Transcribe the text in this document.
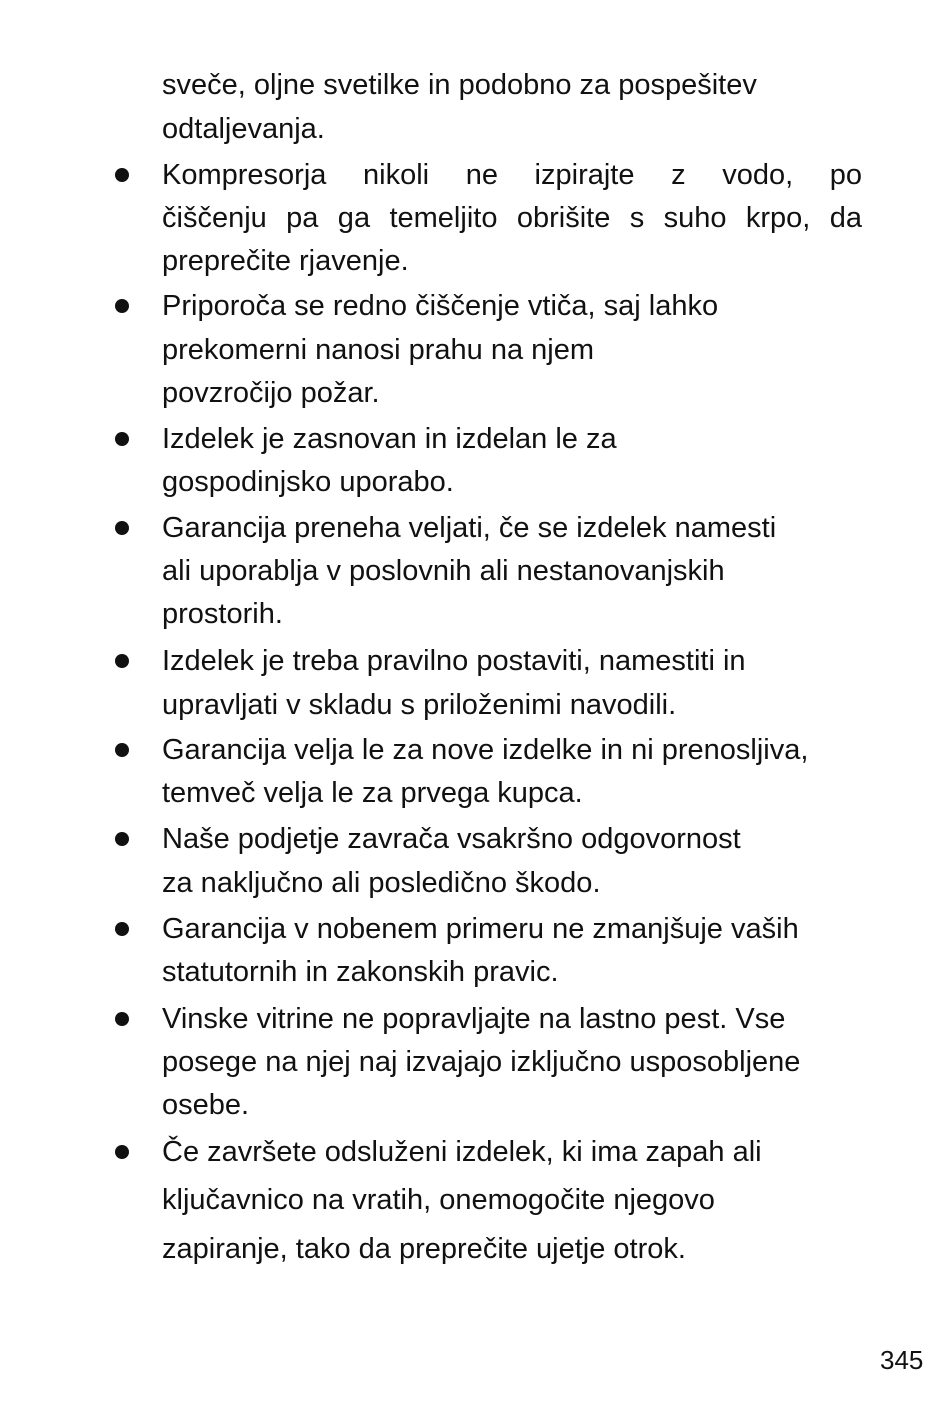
sveče, oljne svetilke in podobno za pospešitev
odtaljevanja.
Kompresorja nikoli ne izpirajte z vodo, po
čiščenju pa ga temeljito obrišite s suho krpo, da
preprečite rjavenje.
Priporoča se redno čiščenje vtiča, saj lahko
prekomerni nanosi prahu na njem
povzročijo požar.
Izdelek je zasnovan in izdelan le za
gospodinjsko uporabo.
Garancija preneha veljati, če se izdelek namesti
ali uporablja v poslovnih ali nestanovanjskih
prostorih.
Izdelek je treba pravilno postaviti, namestiti in
upravljati v skladu s priloženimi navodili.
Garancija velja le za nove izdelke in ni prenosljiva,
temveč velja le za prvega kupca.
Naše podjetje zavrača vsakršno odgovornost
za naključno ali posledično škodo.
Garancija v nobenem primeru ne zmanjšuje vaših
statutornih in zakonskih pravic.
Vinske vitrine ne popravljajte na lastno pest. Vse
posege na njej naj izvajajo izključno usposobljene
osebe.
Če završete odsluženi izdelek, ki ima zapah ali
ključavnico na vratih, onemogočite njegovo
zapiranje, tako da preprečite ujetje otrok.
345
